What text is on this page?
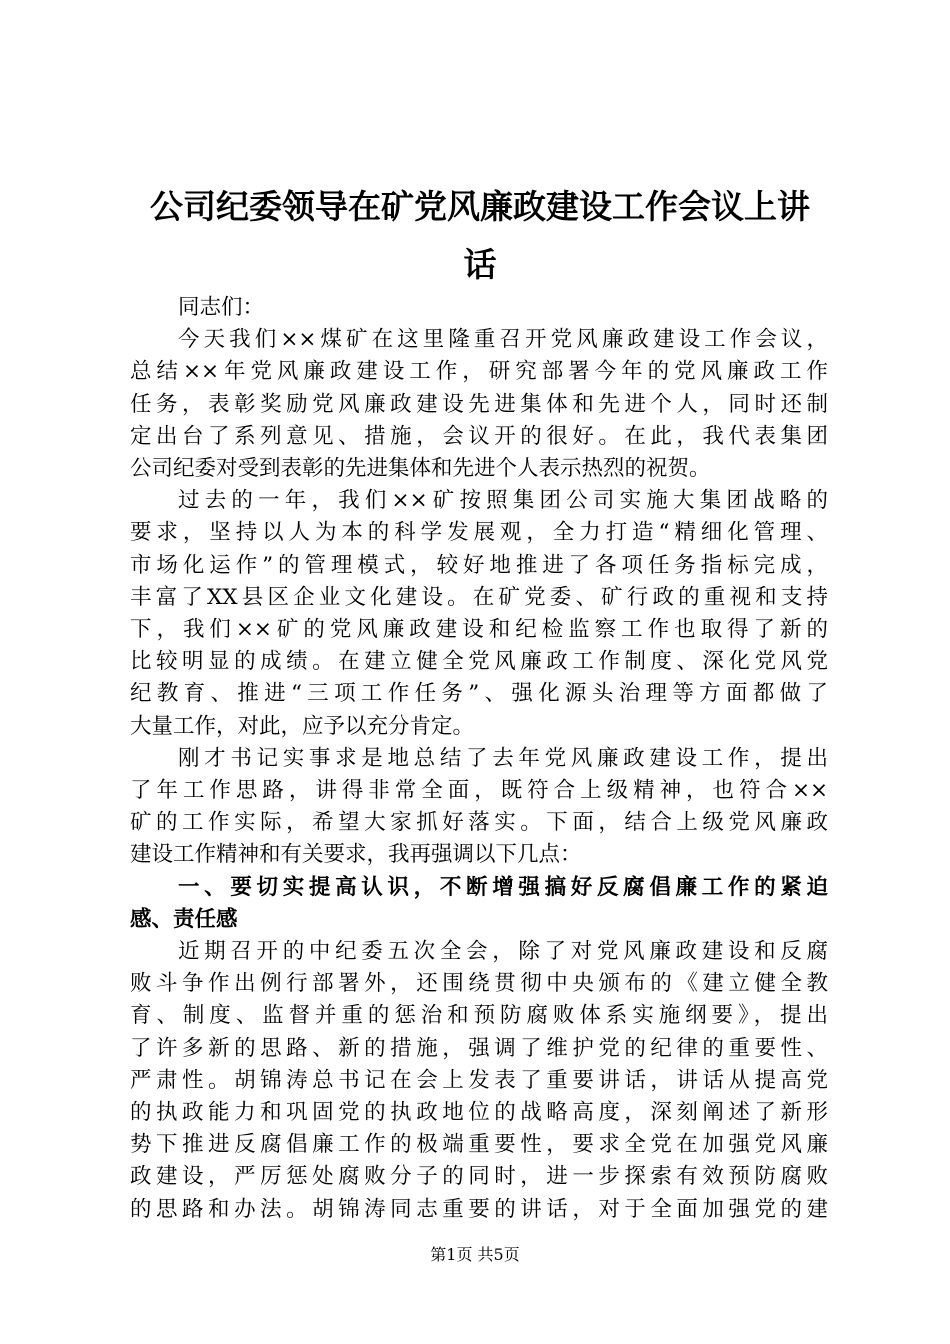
公司纪委领导在矿党风廉政建设工作会议上讲
话

同志们：

今天我们××煤矿在这里隆重召开党风廉政建设工作会议，
总结××年党风廉政建设工作，研究部署今年的党风廉政工作
任务，表彰奖励党风廉政建设先进集体和先进个人，同时还制
定出台了系列意见、措施，会议开的很好。在此，我代表集团
公司纪委对受到表彰的先进集体和先进个人表示热烈的祝贺。

过去的一年，我们××矿按照集团公司实施大集团战略的
要求，坚持以人为本的科学发展观，全力打造“精细化管理、
市场化运作”的管理模式，较好地推进了各项任务指标完成，
丰富了XX县区企业文化建设。在矿党委、矿行政的重视和支持
下，我们××矿的党风廉政建设和纪检监察工作也取得了新的
比较明显的成绩。在建立健全党风廉政工作制度、深化党风党
纪教育、推进“三项工作任务”、强化源头治理等方面都做了
大量工作，对此，应予以充分肯定。

刚才书记实事求是地总结了去年党风廉政建设工作，提出
了年工作思路，讲得非常全面，既符合上级精神，也符合××
矿的工作实际，希望大家抓好落实。下面，结合上级党风廉政
建设工作精神和有关要求，我再强调以下几点：

一、要切实提高认识，不断增强搞好反腐倡廉工作的紧迫
感、责任感

近期召开的中纪委五次全会，除了对党风廉政建设和反腐
败斗争作出例行部署外，还围绕贯彻中央颁布的《建立健全教
育、制度、监督并重的惩治和预防腐败体系实施纲要》，提出
了许多新的思路、新的措施，强调了维护党的纪律的重要性、
严肃性。胡锦涛总书记在会上发表了重要讲话，讲话从提高党
的执政能力和巩固党的执政地位的战略高度，深刻阐述了新形
势下推进反腐倡廉工作的极端重要性，要求全党在加强党风廉
政建设，严厉惩处腐败分子的同时，进一步探索有效预防腐败
的思路和办法。胡锦涛同志重要的讲话，对于全面加强党的建

第1页 共5页
